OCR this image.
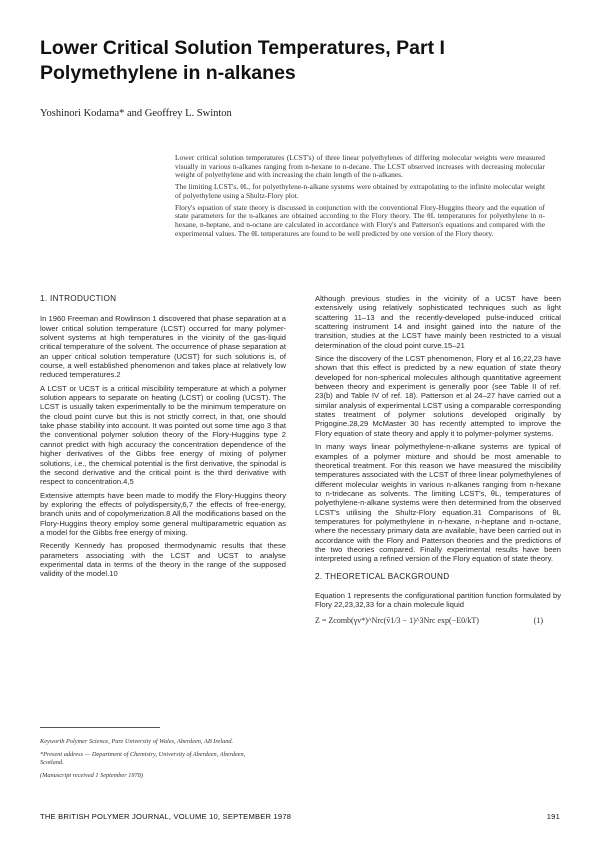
Lower Critical Solution Temperatures, Part I
Polymethylene in n-alkanes
Yoshinori Kodama* and Geoffrey L. Swinton

Lower critical solution temperatures (LCST's) of three linear polyethylenes of differing molecular weights were measured visually in various n-alkanes ranging from n-hexane to n-decane. The LCST observed increases with decreasing molecular weight of polyethylene and with increasing the chain length of the n-alkanes.

The limiting LCST's, θL, for polyethylene-n-alkane systems were obtained by extrapolating to the infinite molecular weight of polyethylene using a Shultz-Flory plot.

Flory's equation of state theory is discussed in conjunction with the conventional Flory-Huggins theory and the equation of state parameters for the n-alkanes are obtained according to the Flory theory. The θL temperatures for polyethylene in n-hexane, n-heptane, and n-octane are calculated in accordance with Flory's and Patterson's equations and compared with the experimental values. The θL temperatures are found to be well predicted by one version of the Flory theory.

1. INTRODUCTION

In 1960 Freeman and Rowlinson 1 discovered that phase separation at a lower critical solution temperature (LCST) occurred for many polymer-solvent systems at high temperatures in the vicinity of the gas-liquid critical temperature of the solvent. The occurrence of phase separation at an upper critical solution temperature (UCST) for such solutions is, of course, a well established phenomenon and takes place at relatively low reduced temperatures.2

A LCST or UCST is a critical miscibility temperature at which a polymer solution appears to separate on heating (LCST) or cooling (UCST). The LCST is usually taken experimentally to be the minimum temperature on the cloud point curve but this is not strictly correct, in that, one should take phase stability into account. It was pointed out some time ago 3 that the conventional polymer solution theory of the Flory-Huggins type 2 cannot predict with high accuracy the concentration dependence of the higher derivatives of the Gibbs free energy of mixing of polymer solutions, i.e., the chemical potential is the first derivative, the spinodal is the second derivative and the critical point is the third derivative with respect to concentration.4,5

Extensive attempts have been made to modify the Flory-Huggins theory by exploring the effects of polydispersity,6,7 the effects of free-energy, branch units and of copolymerization.8 All the modifications based on the Flory-Huggins theory employ some general multiparametric equation as a model for the Gibbs free energy of mixing.

Recently Kennedy has proposed thermodynamic results that these parameters associating with the LCST and UCST to analyse experimental data in terms of the theory in the range of the supposed validity of the model.10

Keyworth Polymer Science, Pure University of Wales, Aberdeen, AB Ireland.

*Present address — Department of Chemistry, University of Aberdeen, Aberdeen, Scotland.

(Manuscript received 1 September 1978)

Although previous studies in the vicinity of a UCST have been extensively using relatively sophisticated techniques such as light scattering 11–13 and the recently-developed pulse-induced critical scattering instrument 14 and insight gained into the nature of the transition, studies at the LCST have mainly been restricted to a visual determination of the cloud point curve.15–21

Since the discovery of the LCST phenomenon, Flory et al 16,22,23 have shown that this effect is predicted by a new equation of state theory developed for non-spherical molecules although quantitative agreement between theory and experiment is generally poor (see Table II of ref. 23(b) and Table IV of ref. 18). Patterson et al 24–27 have carried out a similar analysis of experimental LCST using a comparable corresponding states treatment of polymer solutions developed originally by Prigogine.28,29 McMaster 30 has recently attempted to improve the Flory equation of state theory and apply it to polymer-polymer systems.

In many ways linear polymethylene-n-alkane systems are typical of examples of a polymer mixture and should be most amenable to theoretical treatment. For this reason we have measured the miscibility temperatures associated with the LCST of three linear polymethylenes of different molecular weights in various n-alkanes ranging from n-hexane to n-tridecane as solvents. The limiting LCST's, θL, temperatures of polyethylene-n-alkane systems were then determined from the observed LCST's utilising the Shultz-Flory equation.31 Comparisons of θL temperatures for polymethylene in n-hexane, n-heptane and n-octane, where the necessary primary data are available, have been carried out in accordance with the Flory and Patterson theories and the predictions of the two theories compared. Finally experimental results have been interpreted using a refined version of the Flory equation of state theory.

2. THEORETICAL BACKGROUND

Equation 1 represents the configurational partition function formulated by Flory 22,23,32,33 for a chain molecule liquid

Z = Zcomb(γv*)^Nrc(ṽ1/3 − 1)^3Nrc exp(−E0/kT)	(1)
THE BRITISH POLYMER JOURNAL, VOLUME 10, SEPTEMBER 1978	191
